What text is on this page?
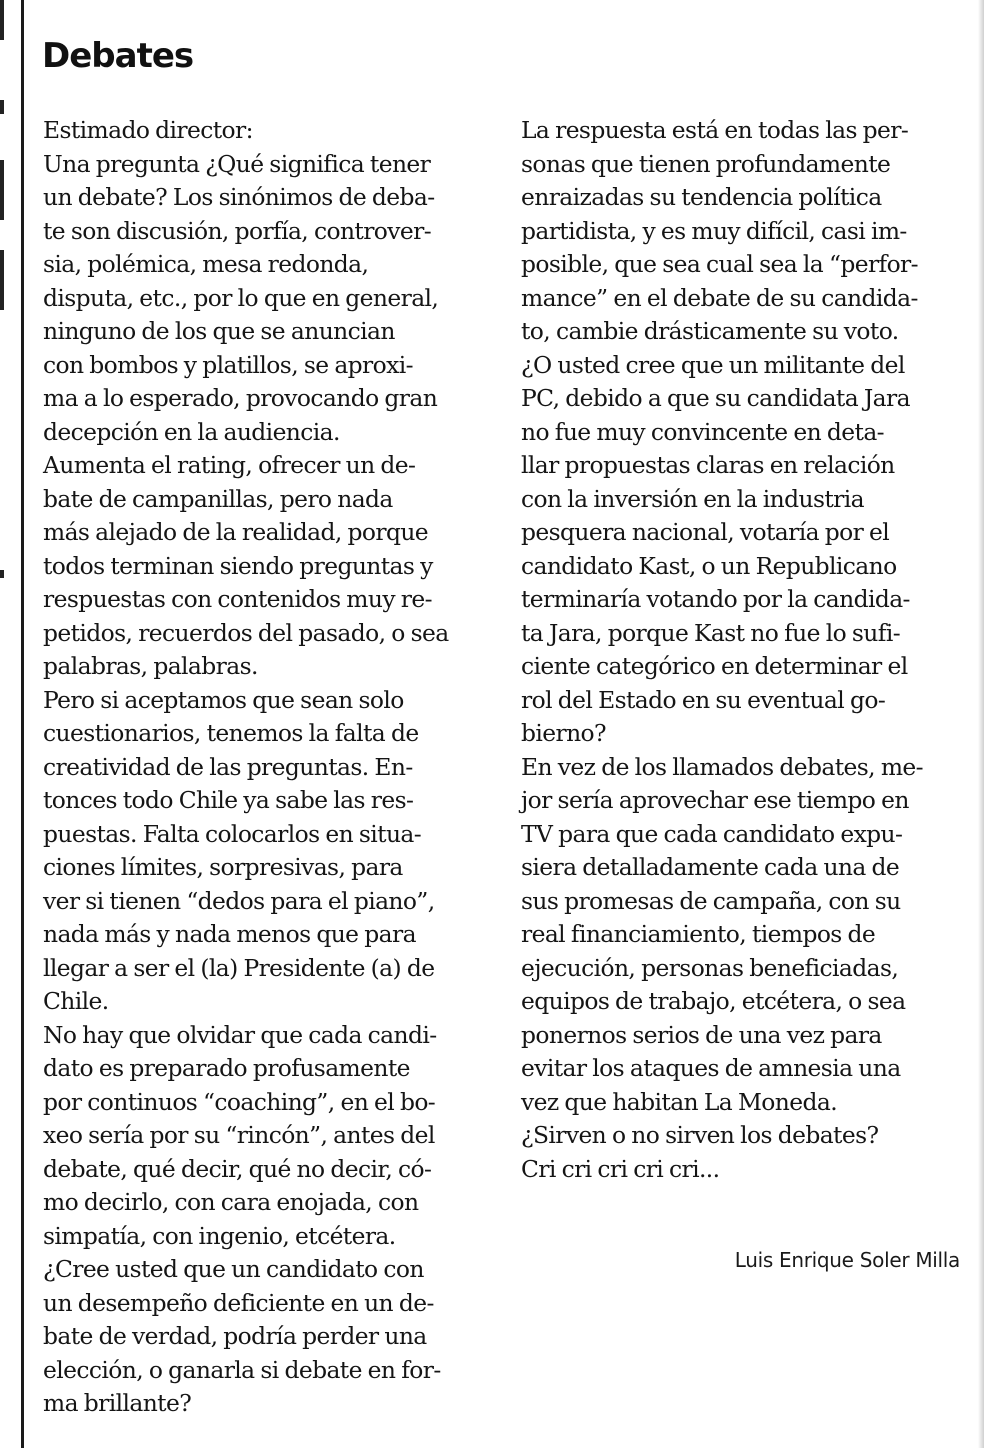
Debates
Estimado director:
Una pregunta ¿Qué significa tener
un debate? Los sinónimos de deba-
te son discusión, porfía, controver-
sia, polémica, mesa redonda,
disputa, etc., por lo que en general,
ninguno de los que se anuncian
con bombos y platillos, se aproxi-
ma a lo esperado, provocando gran
decepción en la audiencia.
Aumenta el rating, ofrecer un de-
bate de campanillas, pero nada
más alejado de la realidad, porque
todos terminan siendo preguntas y
respuestas con contenidos muy re-
petidos, recuerdos del pasado, o sea
palabras, palabras.
Pero si aceptamos que sean solo
cuestionarios, tenemos la falta de
creatividad de las preguntas. En-
tonces todo Chile ya sabe las res-
puestas. Falta colocarlos en situa-
ciones límites, sorpresivas, para
ver si tienen “dedos para el piano”,
nada más y nada menos que para
llegar a ser el (la) Presidente (a) de
Chile.
No hay que olvidar que cada candi-
dato es preparado profusamente
por continuos “coaching”, en el bo-
xeo sería por su “rincón”, antes del
debate, qué decir, qué no decir, có-
mo decirlo, con cara enojada, con
simpatía, con ingenio, etcétera.
¿Cree usted que un candidato con
un desempeño deficiente en un de-
bate de verdad, podría perder una
elección, o ganarla si debate en for-
ma brillante?
La respuesta está en todas las per-
sonas que tienen profundamente
enraizadas su tendencia política
partidista, y es muy difícil, casi im-
posible, que sea cual sea la “perfor-
mance” en el debate de su candida-
to, cambie drásticamente su voto.
¿O usted cree que un militante del
PC, debido a que su candidata Jara
no fue muy convincente en deta-
llar propuestas claras en relación
con la inversión en la industria
pesquera nacional, votaría por el
candidato Kast, o un Republicano
terminaría votando por la candida-
ta Jara, porque Kast no fue lo sufi-
ciente categórico en determinar el
rol del Estado en su eventual go-
bierno?
En vez de los llamados debates, me-
jor sería aprovechar ese tiempo en
TV para que cada candidato expu-
siera detalladamente cada una de
sus promesas de campaña, con su
real financiamiento, tiempos de
ejecución, personas beneficiadas,
equipos de trabajo, etcétera, o sea
ponernos serios de una vez para
evitar los ataques de amnesia una
vez que habitan La Moneda.
¿Sirven o no sirven los debates?
Cri cri cri cri cri...
Luis Enrique Soler Milla
